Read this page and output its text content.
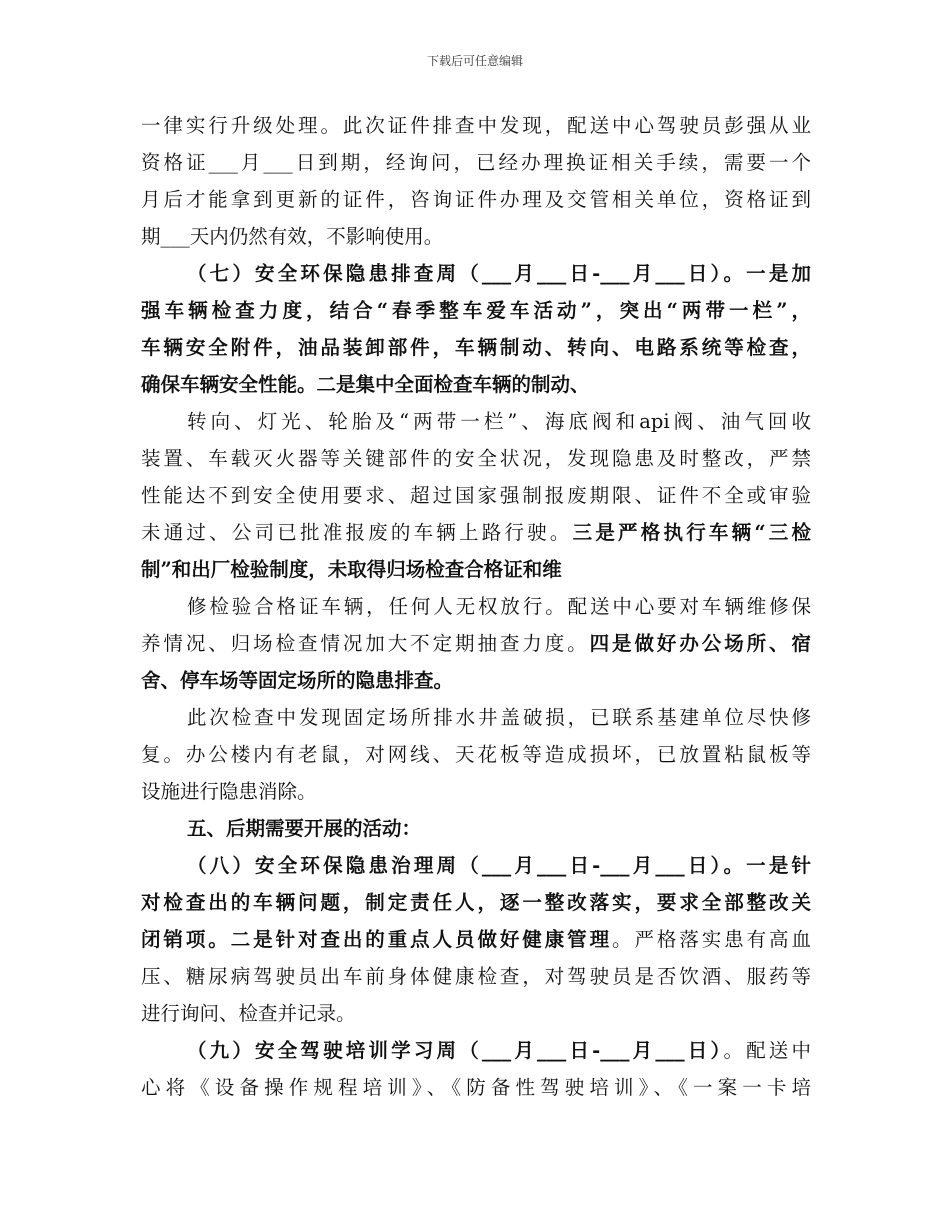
下载后可任意编辑
一律实行升级处理。此次证件排查中发现，配送中心驾驶员彭强从业
资格证___月___日到期，经询问，已经办理换证相关手续，需要一个
月后才能拿到更新的证件，咨询证件办理及交管相关单位，资格证到
期___天内仍然有效，不影响使用。
（七）安全环保隐患排查周（___月___日-___月___日）。一是加
强车辆检查力度，结合“春季整车爱车活动”，突出“两带一栏”，
车辆安全附件，油品装卸部件，车辆制动、转向、电路系统等检查，
确保车辆安全性能。二是集中全面检查车辆的制动、
转向、灯光、轮胎及“两带一栏”、海底阀和api阀、油气回收
装置、车载灭火器等关键部件的安全状况，发现隐患及时整改，严禁
性能达不到安全使用要求、超过国家强制报废期限、证件不全或审验
未通过、公司已批准报废的车辆上路行驶。三是严格执行车辆“三检
制”和出厂检验制度，未取得归场检查合格证和维
修检验合格证车辆，任何人无权放行。配送中心要对车辆维修保
养情况、归场检查情况加大不定期抽查力度。四是做好办公场所、宿
舍、停车场等固定场所的隐患排查。
此次检查中发现固定场所排水井盖破损，已联系基建单位尽快修
复。办公楼内有老鼠，对网线、天花板等造成损坏，已放置粘鼠板等
设施进行隐患消除。
五、后期需要开展的活动：
（八）安全环保隐患治理周（___月___日-___月___日）。一是针
对检查出的车辆问题，制定责任人，逐一整改落实，要求全部整改关
闭销项。二是针对查出的重点人员做好健康管理。严格落实患有高血
压、糖尿病驾驶员出车前身体健康检查，对驾驶员是否饮酒、服药等
进行询问、检查并记录。
（九）安全驾驶培训学习周（___月___日-___月___日）。配送中
心将《设备操作规程培训》、《防备性驾驶培训》、《一案一卡培
